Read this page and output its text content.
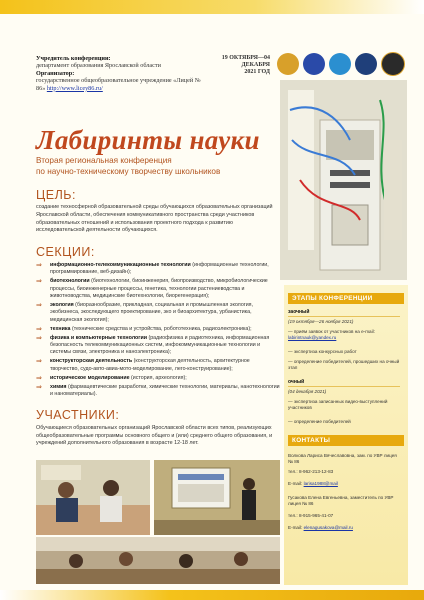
Учредитель конференции:
департамент образования Ярославской области
Организатор:
государственное общеобразовательное учреждение «Лицей № 86» http://www.licey86.ru/
19 ОКТЯБРЯ—04 ДЕКАБРЯ
2021 ГОД
Лабиринты науки
Вторая региональная конференция
по научно-техническому творчеству школьников
ЦЕЛЬ:
создание техносферной образовательной среды обучающихся образовательных организаций Ярославской области, обеспечения коммуникативного пространства среди участников образовательных отношений и использования проектного подхода к развитию исследовательской деятельности обучающихся.
СЕКЦИИ:
⇒	информационно-телекоммуникационные технологии (информационные технологии, программирование, веб-дизайн);
⇒	биотехнологии (биотехнологии, биоинженерия, биопроизводство, микробиологические процессы, биоинженерные процессы, генетика, технологии растениеводства и животноводства, медицинские биотехнологии, биорегенерация);
⇒	экология (биоразнообразие, прикладная, социальная и промышленная экология, экобизнеса, экоследующего проектирование, эко и биоархитектура, урбанистика, медицинская экология);
⇒	техника (технические средства и устройства, робототехника, радиоэлектроника);
⇒	физика и компьютерные технологии (радиофизика и радиотехника, информационная безопасность телекоммуникационных систем, инфокоммуникационные технологии и системы связи, электроника и наноэлектроника);
⇒	конструкторская деятельность (конструкторская деятельность, архитектурное творчество, судо-авто-авиа-мото-моделирование, лего-конструирование);
⇒	историческое моделирование (история, археология);
⇒	химия (фармацевтические разработки, химические технологии, материалы, нанотехнологии и наноматериалы).
УЧАСТНИКИ:
Обучающиеся образовательных организаций Ярославской области всех типов, реализующих общеобразовательные программы основного общего и (или) среднего общего образования, и учреждений дополнительного образования в возрасте 12-18 лет.
ЭТАПЫ КОНФЕРЕНЦИИ
заочный
(19 октября—26 ноября 2021)
— приём заявок от участников на e-mail: labirintnauk@yandex.ru
— экспертиза конкурсных работ
— определение победителей, прошедших на очный этап
очный
(04 декабря 2021)
— экспертиза записанных видео-выступлений участников
— определение победителей
КОНТАКТЫ
Волкова Лариса Вячеславовна, зам. по УВР лицея № 86
тел.: 8-962-213-12-83
E-mail: larisa1988@mail
Гусакова Елена Евгеньевна, заместитель по УВР лицея № 86
тел.: 8-915-965-41-07
E-mail: elenagusakova@mail.ru
